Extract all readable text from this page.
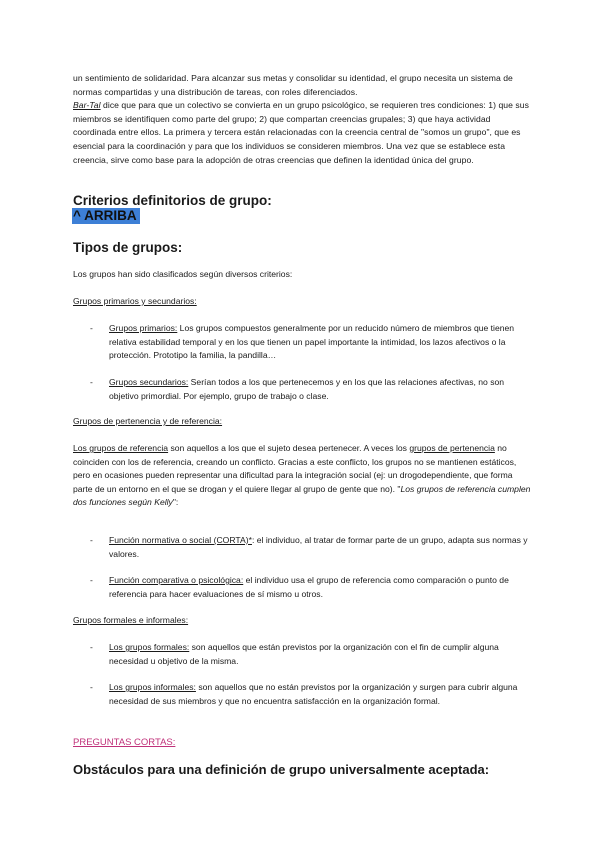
un sentimiento de solidaridad. Para alcanzar sus metas y consolidar su identidad, el grupo necesita un sistema de normas compartidas y una distribución de tareas, con roles diferenciados.
Bar-Tal dice que para que un colectivo se convierta en un grupo psicológico, se requieren tres condiciones: 1) que sus miembros se identifiquen como parte del grupo; 2) que compartan creencias grupales; 3) que haya actividad coordinada entre ellos. La primera y tercera están relacionadas con la creencia central de "somos un grupo", que es esencial para la coordinación y para que los individuos se consideren miembros. Una vez que se establece esta creencia, sirve como base para la adopción de otras creencias que definen la identidad única del grupo.

Criterios definitorios de grupo:
^ ARRIBA
Tipos de grupos:

Los grupos han sido clasificados según diversos criterios:

Grupos primarios y secundarios:

- Grupos primarios: Los grupos compuestos generalmente por un reducido número de miembros que tienen relativa estabilidad temporal y en los que tienen un papel importante la intimidad, los lazos afectivos o la protección. Prototipo la familia, la pandilla…
- Grupos secundarios: Serían todos a los que pertenecemos y en los que las relaciones afectivas, no son objetivo primordial. Por ejemplo, grupo de trabajo o clase.

Grupos de pertenencia y de referencia:

Los grupos de referencia son aquellos a los que el sujeto desea pertenecer. A veces los grupos de pertenencia no coinciden con los de referencia, creando un conflicto. Gracias a este conflicto, los grupos no se mantienen estáticos, pero en ocasiones pueden representar una dificultad para la integración social (ej: un drogodependiente, que forma parte de un entorno en el que se drogan y el quiere llegar al grupo de gente que no). "Los grupos de referencia cumplen dos funciones según Kelly":

- Función normativa o social (CORTA)*: el individuo, al tratar de formar parte de un grupo, adapta sus normas y valores.
- Función comparativa o psicológica: el individuo usa el grupo de referencia como comparación o punto de referencia para hacer evaluaciones de sí mismo u otros.

Grupos formales e informales:

- Los grupos formales: son aquellos que están previstos por la organización con el fin de cumplir alguna necesidad u objetivo de la misma.
- Los grupos informales: son aquellos que no están previstos por la organización y surgen para cubrir alguna necesidad de sus miembros y que no encuentra satisfacción en la organización formal.
PREGUNTAS CORTAS:
Obstáculos para una definición de grupo universalmente aceptada:
